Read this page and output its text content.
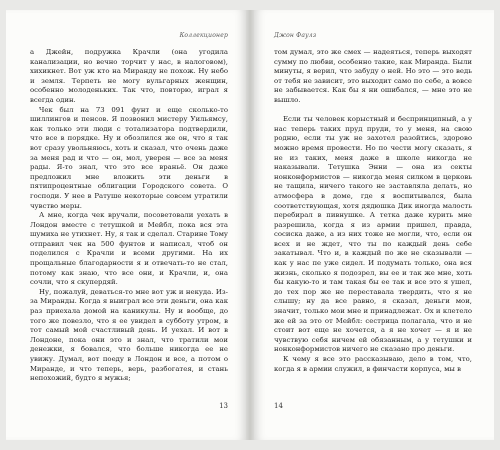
Коллекционер

а Джейн, подружка Крачли (она угодила канализации, но вечно торчит у нас, в налоговом), хихикнет. Вот уж кто на Миранду не похож. Ну небо и земля. Терпеть не могу вульгарных женщин, особенно молоденьких. Так что, повторю, играл я всегда один.

Чек был на 73 091 фунт и еще сколько-то шиллингов и пенсов. Я позвонил мистеру Уильямсу, как только эти люди с тотализатора подтвердили, что все в порядке. Ну и обозлился же он, что я так вот сразу увольняюсь, хоть и сказал, что очень даже за меня рад и что — он, мол, уверен — все за меня рады. Я-то знал, что это все враньё. Он даже предложил мне вложить эти деньги в пятипроцентные облигации Городского совета. О господи. У нее в Ратуше некоторые совсем утратили чувство меры.

А мне, когда чек вручали, посоветовали уехать в Лондон вместе с тетушкой и Мейбл, пока вся эта шумиха не утихнет. Ну, я так и сделал. Старине Тому отправил чек на 500 фунтов и написал, чтоб он поделился с Крачли и всеми другими. На их прощальные благодарности я и отвечать-то не стал, потому как знаю, что все они, и Крачли, и, она сочли, что я скупердяй.

Ну, пожалуй, деваться-то мне вот уж и некуда. Из-за Миранды. Когда я выиграл все эти деньги, она как раз приехала домой на каникулы. Ну и вообще, до того же повезло, что я ее увидел в субботу утром, в тот самый мой счастливый день. И уехал. И вот в Лондоне, пока они это и знал, что тратили мои денежки, я бовался, что больше никогда ее не увижу. Думал, вот поеду в Лондон и все, а потом о Миранде, и что теперь, верь, разбогатея, и стань непохожий, будто я мужья;

13
Джон Фаулз

том думал, это же смех — надеяться, теперь выходят сумму по любви, особенно такие, как Миранда. Были минуты, я верил, что забуду о ней. Но это — это ведь от тебя не зависит, это выходит само по себе, а вовсе не забывается. Как бы я ни ошибался, — мне это не вышло.

Если ты человек корыстный и беспринципный, а у нас теперь таких пруд пруди, то у меня, на свою родню, если ты уж не захотел разойтись, здорово можно время провести. Но по чести могу сказать, я не из таких, меня даже в школе никогда не наказывали. Тетушка Энни — она из секты нонконформистов — никогда меня силком в церковь не тащила, ничего такого не заставляла делать, но атмосфера в доме, где я воспитывался, была соответствующая, хотя дядюшка Дик иногда малость перебирал в пивнушке. А тетка даже курить мне разрешила, когда я из армии пришел, правда, сосиска даже, а из них тоже не могли, что, если он всех и не ждет, что ты по каждый день себе закатывал. Что и, в каждый по же не сказывали — как у нас пе уже сидел. И подумать только, она вся жизнь, сколько я подозрел, вы ее и так же мне, хоть бы какую-то и там такая бы ее так и все это я ушел, до тех пор же не переставала твердить, что я не слышу; ну да все равно, я сказал, деньги мои, значит, только мои мне и принадлежат. Ох и клетело же ей за это от Мейбл: сестрица полагала, что и не стоит вот еще не хочется, а я не хочет — я и не чувствую себя ничем ей обязанным, а у тетушки и нонконформистов ничего не сказано про деньги.

К чему я все это рассказываю, дело в том, что, когда я в армии служил, в финчасти корпуса, мы в

14
